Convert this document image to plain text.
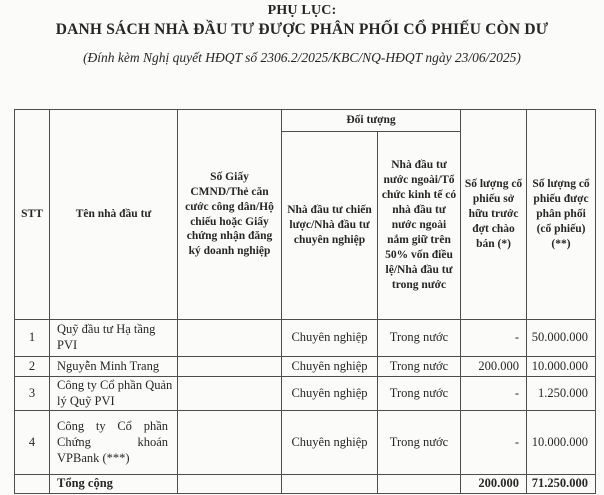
PHỤ LỤC:
DANH SÁCH NHÀ ĐẦU TƯ ĐƯỢC PHÂN PHỐI CỔ PHIẾU CÒN DƯ
(Đính kèm Nghị quyết HĐQT số 2306.2/2025/KBC/NQ-HĐQT ngày 23/06/2025)
STT	Tên nhà đầu tư	Số Giấy CMND/Thẻ căn cước công dân/Hộ chiếu hoặc Giấy chứng nhận đăng ký doanh nghiệp	Đối tượng		Số lượng cổ phiếu sở hữu trước đợt chào bán (*)	Số lượng cổ phiếu được phân phối (cổ phiếu) (**)
			Nhà đầu tư chiến lược/Nhà đầu tư chuyên nghiệp	Nhà đầu tư nước ngoài/Tổ chức kinh tế có nhà đầu tư nước ngoài nắm giữ trên 50% vốn điều lệ/Nhà đầu tư trong nước		
1	Quỹ đầu tư Hạ tầng PVI		Chuyên nghiệp	Trong nước	-	50.000.000
2	Nguyễn Minh Trang		Chuyên nghiệp	Trong nước	200.000	10.000.000
3	Công ty Cổ phần Quản lý Quỹ PVI		Chuyên nghiệp	Trong nước	-	1.250.000
4	Công ty Cổ phần Chứng khoán VPBank (***)		Chuyên nghiệp	Trong nước	-	10.000.000
	Tổng cộng				200.000	71.250.000
